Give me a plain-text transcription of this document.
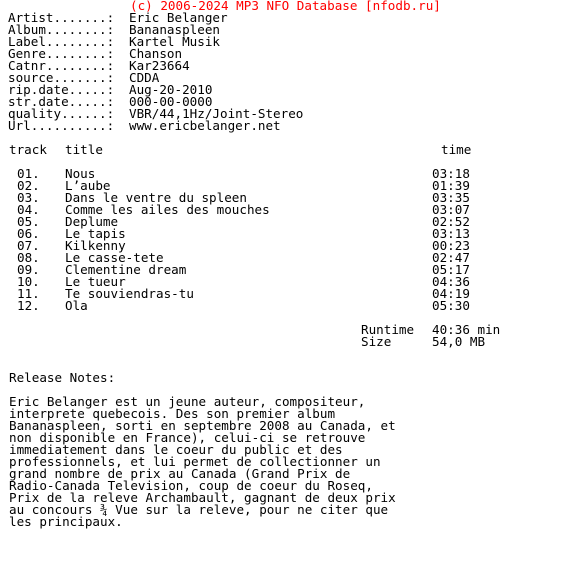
(c) 2006-2024 MP3 NFO Database [nfodb.ru]
Artist.......: Eric Belanger
Album........: Bananaspleen
Label........: Kartel Musik
Genre........: Chanson
Catnr........: Kar23664
source.......: CDDA
rip.date.....: Aug-20-2010
str.date.....: 000-00-0000
quality......: VBR/44,1Hz/Joint-Stereo
Url..........: www.ericbelanger.net
track title	time
01. Nous	03:18
02. L’aube	01:39
03. Dans le ventre du spleen	03:35
04. Comme les ailes des mouches	03:07
05. Deplume	02:52
06. Le tapis	03:13
07. Kilkenny	00:23
08. Le casse-tete	02:47
09. Clementine dream	05:17
10. Le tueur	04:36
11. Te souviendras-tu	04:19
12. Ola	05:30
Runtime 40:36 min
Size	54,0 MB
Release Notes:
Eric Belanger est un jeune auteur, compositeur,
interprete quebecois. Des son premier album
Bananaspleen, sorti en septembre 2008 au Canada, et
non disponible en France), celui-ci se retrouve
immediatement dans le coeur du public et des
professionnels, et lui permet de collectionner un
grand nombre de prix au Canada (Grand Prix de
Radio-Canada Television, coup de coeur du Roseq,
Prix de la releve Archambault, gagnant de deux prix
au concours ¾ Vue sur la releve, pour ne citer que
les principaux.
